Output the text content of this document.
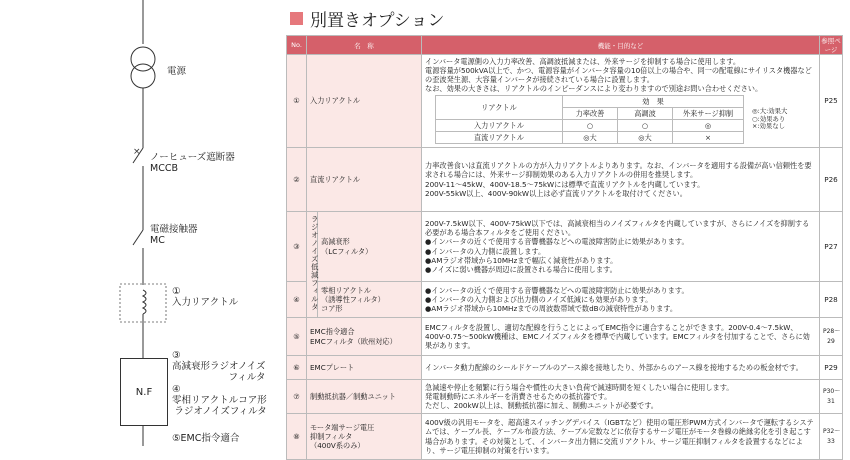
×
電源
ノーヒューズ遮断器
MCCB
電磁接触器
MC
①
入力リアクトル
③
高減衰形ラジオノイズ
フィルタ
④
零相リアクトルコア形
ラジオノイズフィルタ
N.F
⑤EMC指令適合
別置きオプション
No.	名　称	機能・目的など	参照ページ
①	入力リアクトル	

インバータ電源側の入力力率改善、高調波抵減または、外来サージを抑制する場合に使用します。

電源容量が500kVA以上で、かつ、電源容量がインバータ容量の10倍以上の場合や、同一の配電線にサイリスタ機器などの歪波発生源、大容量インバータが接続されている場合に設置します。

なお、効果の大きさは、リアクトルのインピーダンスにより変わりますので別途お問い合わせください。

リアクトル	効　果
力率改善	高調波	外来サージ抑制
入力リアクトル	○	○	◎
直流リアクトル	◎大	◎大	×
◎:大:効果大
○:効果あり
×:効果なし
	P25
②	直流リアクトル	

力率改善食いは直流リアクトルの方が入力リアクトルよりあります。なお、インバータを適用する設備が高い信頼性を要求される場合には、外来サージ抑制効果のある入力リアクトルの併用を推奨します。

200V-11〜45kW、400V-18.5〜75kWには標準で直流リアクトルを内蔵しています。

200V-55kW以上、400V-90kW以上は必ず直流リアクトルを取付けてください。

	P26
③	ラジオノイズ低減フィルタ	高減衰形
（LCフィルタ）

200V-7.5kW以下、400V-75kW以下では、高減衰相当のノイズフィルタを内蔵していますが、さらにノイズを抑制する必要がある場合本フィルタをご使用ください。

●インバータの近くで使用する音響機器などへの電波障害防止に効果があります。

●インバータの入力側に設置します。

●AMラジオ帯域から10MHzまで幅広く減衰性があります。

●ノイズに弱い機器が周辺に設置される場合に使用します。

	P27
④	
零相リアクトル
（誘導性フィルタ）
コア形

●インバータの近くで使用する音響機器などへの電波障害防止に効果があります。

●インバータの入力側および出力側のノイズ低減にも効果があります。

●AMラジオ帯域から10MHzまでの周波数帯域で数dBの減衰特性があります。

	P28
⑤	
EMC指令適合
EMCフィルタ（欧州対応）

EMCフィルタを設置し、適切な配線を行うことによってEMC指令に適合することができます。200V-0.4〜7.5kW、400V-0.75〜500kW機種は、EMCノイズフィルタを標準で内蔵しています。EMCフィルタを付加することで、さらに効果があります。

	P28〜29
⑥	EMCプレート	インバータ動力配線のシールドケーブルのアース線を接地したり、外部からのアース線を接地するための板金材です。	P29
⑦	制動抵抗器／制動ユニット	

急減速や停止を頻繁に行う場合や慣性の大きい負荷で減速時間を短くしたい場合に使用します。

発電制動時にエネルギーを消費させるための抵抗器です。

ただし、200kW以上は、制動抵抗器に加え、制動ユニットが必要です。

	P30〜31
⑧	
モータ端サージ電圧
抑制フィルタ
（400V系のみ）

400V級の汎用モータを、超高速スイッチングデバイス（IGBTなど）使用の電圧形PWM方式インバータで運転するシステムでは、ケーブル長、ケーブル布設方法、ケーブル定数などに依存するサージ電圧がモータ巻線の絶縁劣化を引き起こす場合があります。その対策として、インバータ出力側に交流リアクトル、サージ電圧抑制フィルタを設置するなどにより、サージ電圧抑制の対策を行います。

	P32〜33
